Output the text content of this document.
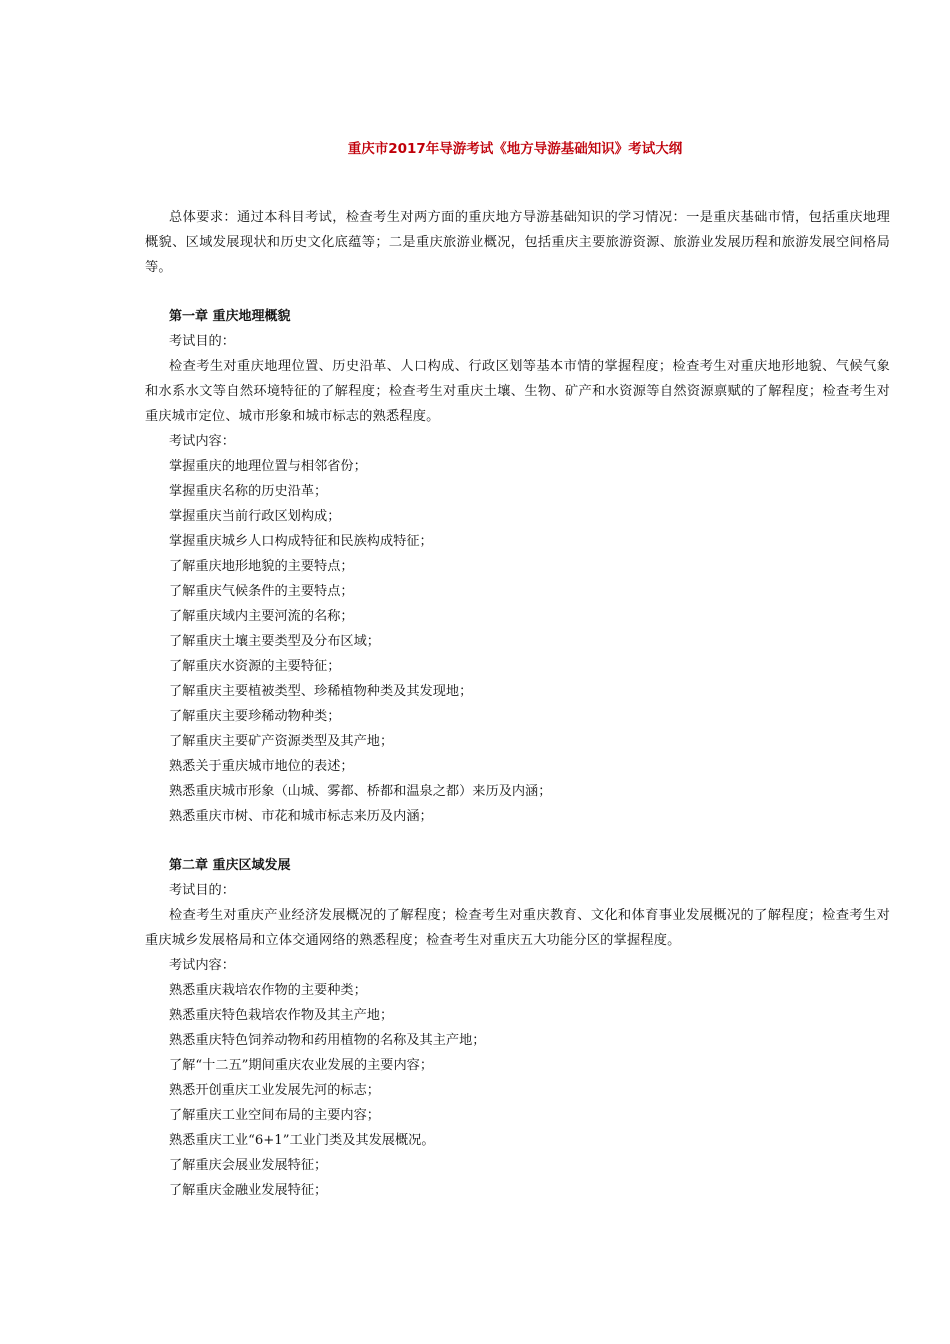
重庆市2017年导游考试《地方导游基础知识》考试大纲

总体要求：通过本科目考试，检查考生对两方面的重庆地方导游基础知识的学习情况：一是重庆基础市情，包括重庆地理概貌、区域发展现状和历史文化底蕴等；二是重庆旅游业概况，包括重庆主要旅游资源、旅游业发展历程和旅游发展空间格局等。

第一章 重庆地理概貌

考试目的：

检查考生对重庆地理位置、历史沿革、人口构成、行政区划等基本市情的掌握程度；检查考生对重庆地形地貌、气候气象和水系水文等自然环境特征的了解程度；检查考生对重庆土壤、生物、矿产和水资源等自然资源禀赋的了解程度；检查考生对重庆城市定位、城市形象和城市标志的熟悉程度。

考试内容：

掌握重庆的地理位置与相邻省份；
掌握重庆名称的历史沿革；
掌握重庆当前行政区划构成；
掌握重庆城乡人口构成特征和民族构成特征；
了解重庆地形地貌的主要特点；
了解重庆气候条件的主要特点；
了解重庆域内主要河流的名称；
了解重庆土壤主要类型及分布区域；
了解重庆水资源的主要特征；
了解重庆主要植被类型、珍稀植物种类及其发现地；
了解重庆主要珍稀动物种类；
了解重庆主要矿产资源类型及其产地；
熟悉关于重庆城市地位的表述；
熟悉重庆城市形象（山城、雾都、桥都和温泉之都）来历及内涵；
熟悉重庆市树、市花和城市标志来历及内涵；

第二章 重庆区域发展

考试目的：

检查考生对重庆产业经济发展概况的了解程度；检查考生对重庆教育、文化和体育事业发展概况的了解程度；检查考生对重庆城乡发展格局和立体交通网络的熟悉程度；检查考生对重庆五大功能分区的掌握程度。

考试内容：

熟悉重庆栽培农作物的主要种类；
熟悉重庆特色栽培农作物及其主产地；
熟悉重庆特色饲养动物和药用植物的名称及其主产地；
了解“十二五”期间重庆农业发展的主要内容；
熟悉开创重庆工业发展先河的标志；
了解重庆工业空间布局的主要内容；
熟悉重庆工业“6+1”工业门类及其发展概况。
了解重庆会展业发展特征；
了解重庆金融业发展特征；
